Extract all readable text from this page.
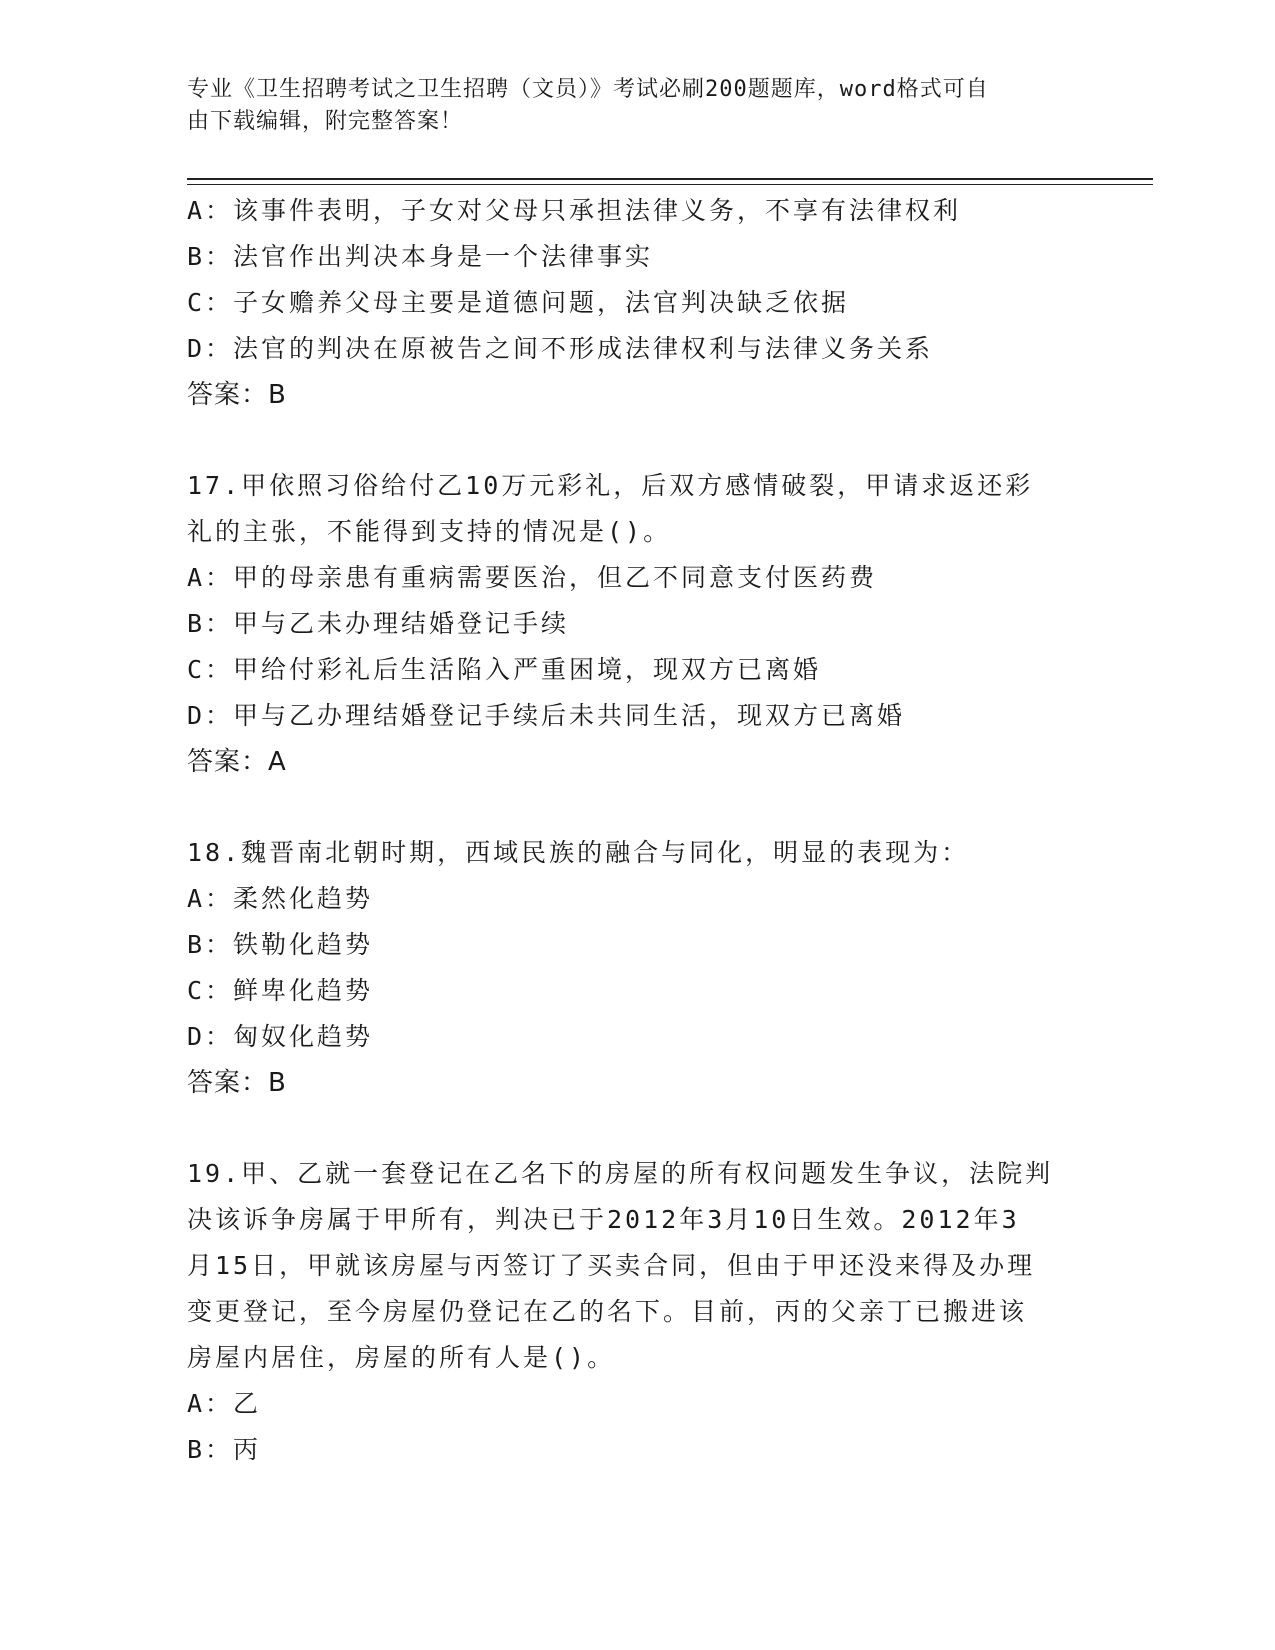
专业《卫生招聘考试之卫生招聘（文员）》考试必刷200题题库，word格式可自
由下载编辑，附完整答案！
A：该事件表明，子女对父母只承担法律义务，不享有法律权利
B：法官作出判决本身是一个法律事实
C：子女赡养父母主要是道德问题，法官判决缺乏依据
D：法官的判决在原被告之间不形成法律权利与法律义务关系
答案：B
17.甲依照习俗给付乙10万元彩礼，后双方感情破裂，甲请求返还彩
礼的主张，不能得到支持的情况是()。
A：甲的母亲患有重病需要医治，但乙不同意支付医药费
B：甲与乙未办理结婚登记手续
C：甲给付彩礼后生活陷入严重困境，现双方已离婚
D：甲与乙办理结婚登记手续后未共同生活，现双方已离婚
答案：A
18.魏晋南北朝时期，西域民族的融合与同化，明显的表现为：
A：柔然化趋势
B：铁勒化趋势
C：鲜卑化趋势
D：匈奴化趋势
答案：B
19.甲、乙就一套登记在乙名下的房屋的所有权问题发生争议，法院判
决该诉争房属于甲所有，判决已于2012年3月10日生效。2012年3
月15日，甲就该房屋与丙签订了买卖合同，但由于甲还没来得及办理
变更登记，至今房屋仍登记在乙的名下。目前，丙的父亲丁已搬进该
房屋内居住，房屋的所有人是()。
A：乙
B：丙
